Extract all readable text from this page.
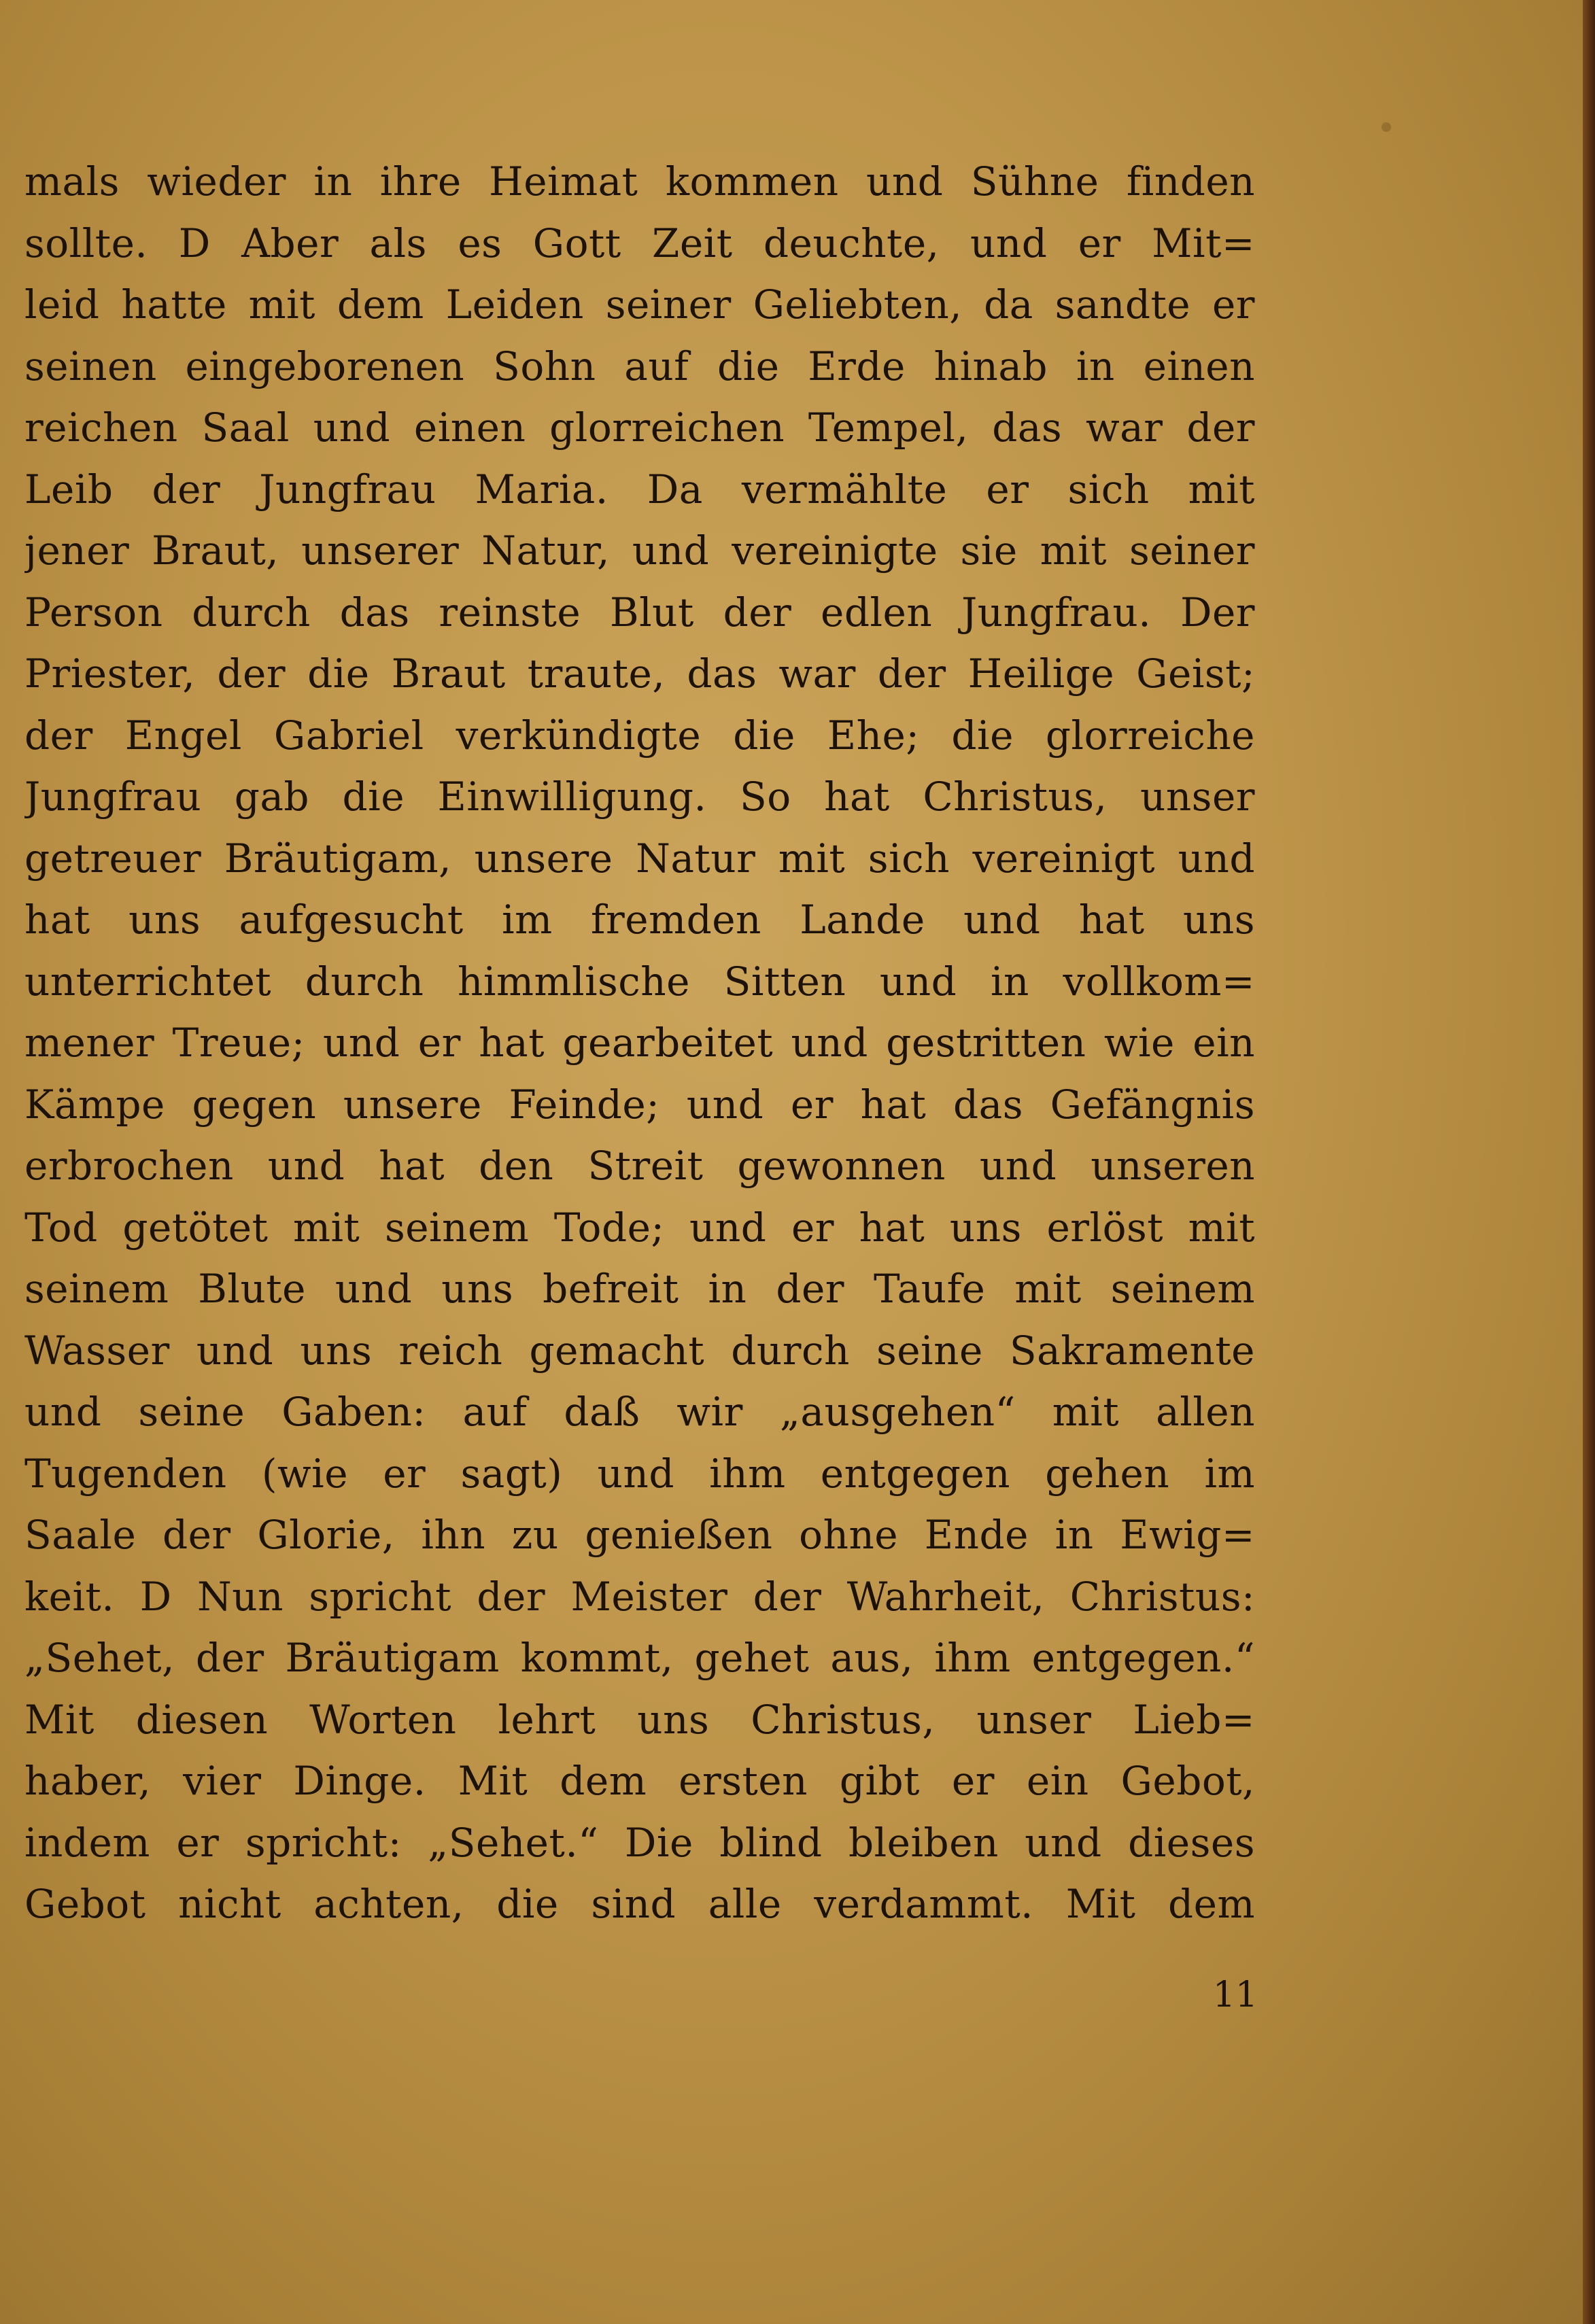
mals wieder in ihre Heimat kommen und Sühne finden
sollte. D Aber als es Gott Zeit deuchte, und er Mit=
leid hatte mit dem Leiden seiner Geliebten, da sandte er
seinen eingeborenen Sohn auf die Erde hinab in einen
reichen Saal und einen glorreichen Tempel, das war der
Leib der Jungfrau Maria. Da vermählte er sich mit
jener Braut, unserer Natur, und vereinigte sie mit seiner
Person durch das reinste Blut der edlen Jungfrau. Der
Priester, der die Braut traute, das war der Heilige Geist;
der Engel Gabriel verkündigte die Ehe; die glorreiche
Jungfrau gab die Einwilligung. So hat Christus, unser
getreuer Bräutigam, unsere Natur mit sich vereinigt und
hat uns aufgesucht im fremden Lande und hat uns
unterrichtet durch himmlische Sitten und in vollkom=
mener Treue; und er hat gearbeitet und gestritten wie ein
Kämpe gegen unsere Feinde; und er hat das Gefängnis
erbrochen und hat den Streit gewonnen und unseren
Tod getötet mit seinem Tode; und er hat uns erlöst mit
seinem Blute und uns befreit in der Taufe mit seinem
Wasser und uns reich gemacht durch seine Sakramente
und seine Gaben: auf daß wir „ausgehen“ mit allen
Tugenden (wie er sagt) und ihm entgegen gehen im
Saale der Glorie, ihn zu genießen ohne Ende in Ewig=
keit. D Nun spricht der Meister der Wahrheit, Christus:
„Sehet, der Bräutigam kommt, gehet aus, ihm entgegen.“
Mit diesen Worten lehrt uns Christus, unser Lieb=
haber, vier Dinge. Mit dem ersten gibt er ein Gebot,
indem er spricht: „Sehet.“ Die blind bleiben und dieses
Gebot nicht achten, die sind alle verdammt. Mit dem
11
